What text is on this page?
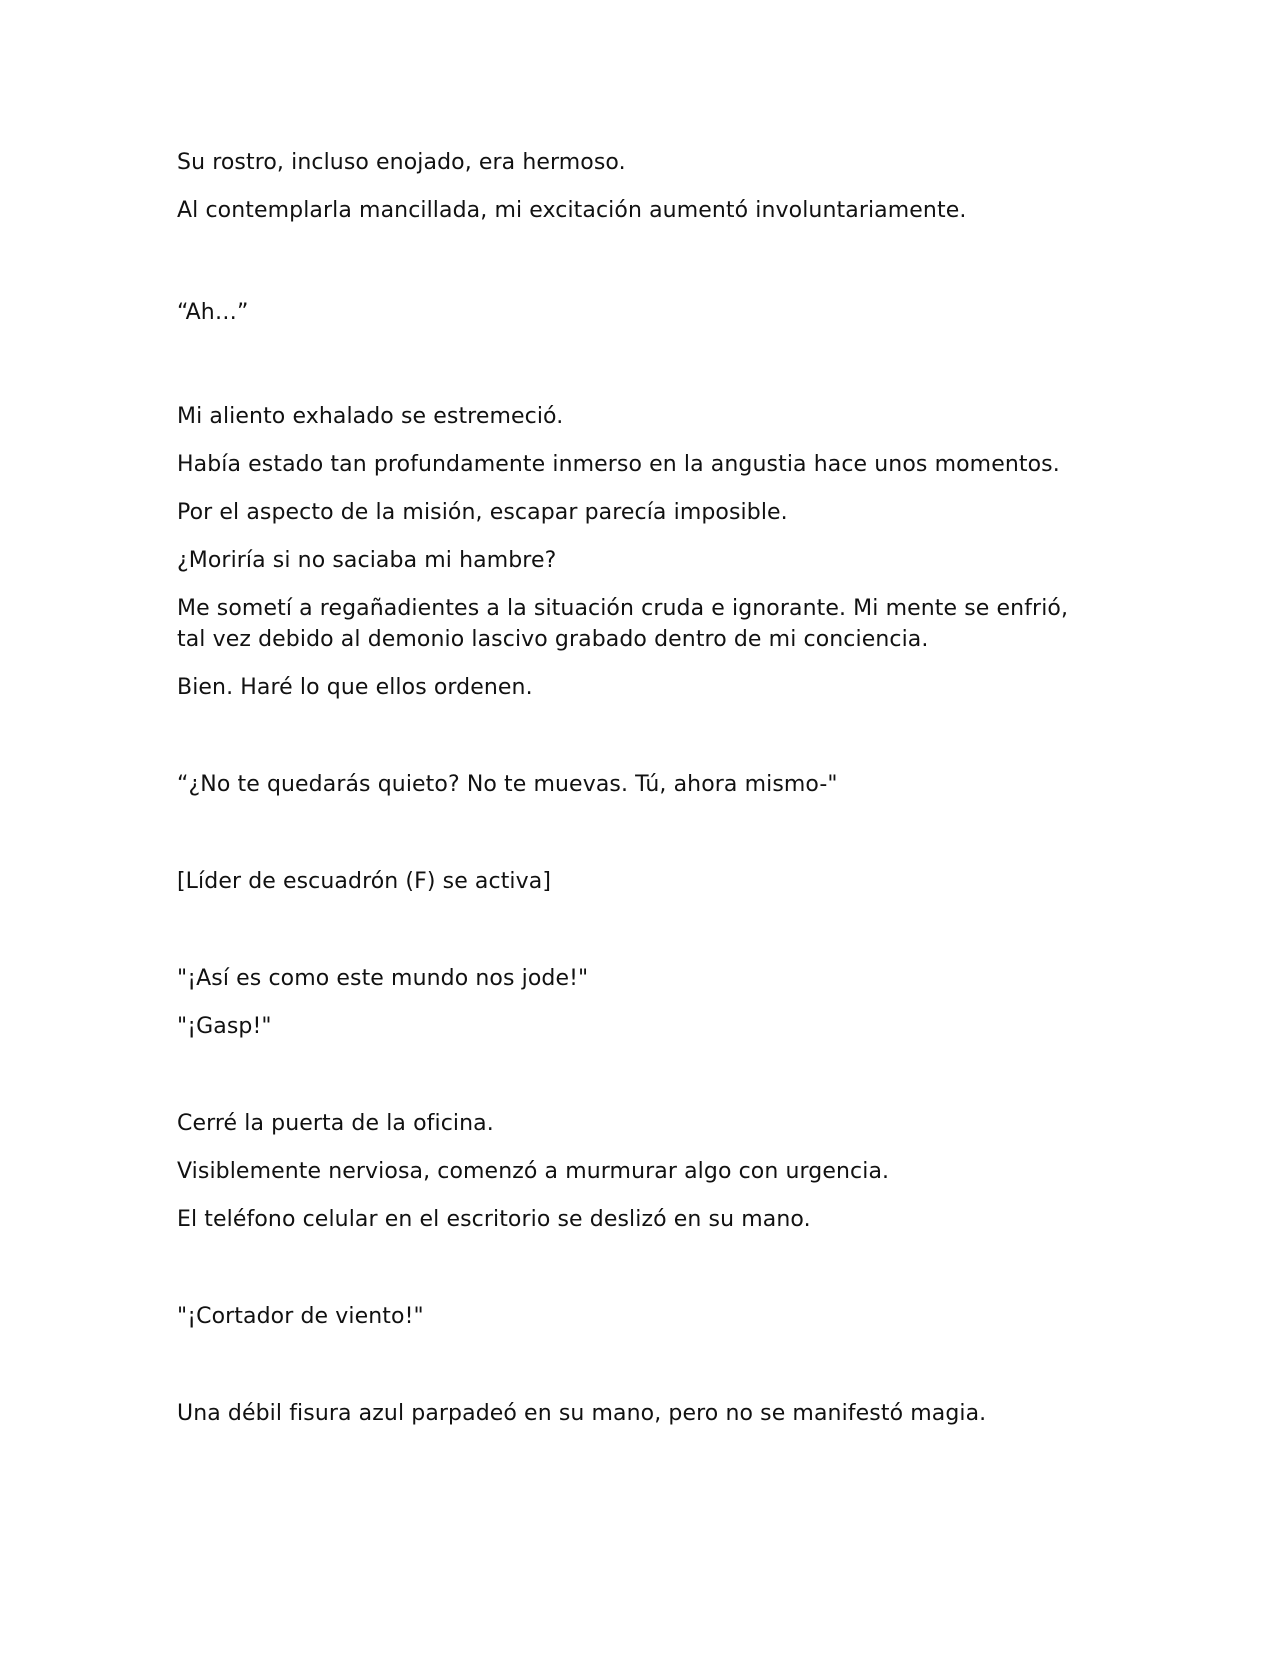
Su rostro, incluso enojado, era hermoso.

Al contemplarla mancillada, mi excitación aumentó involuntariamente.

“Ah…”

Mi aliento exhalado se estremeció.

Había estado tan profundamente inmerso en la angustia hace unos momentos.

Por el aspecto de la misión, escapar parecía imposible.

¿Moriría si no saciaba mi hambre?

Me sometí a regañadientes a la situación cruda e ignorante. Mi mente se enfrió, tal vez debido al demonio lascivo grabado dentro de mi conciencia.

Bien. Haré lo que ellos ordenen.

“¿No te quedarás quieto? No te muevas. Tú, ahora mismo-"

[Líder de escuadrón (F) se activa]

"¡Así es como este mundo nos jode!"

"¡Gasp!"

Cerré la puerta de la oficina.

Visiblemente nerviosa, comenzó a murmurar algo con urgencia.

El teléfono celular en el escritorio se deslizó en su mano.

"¡Cortador de viento!"

Una débil fisura azul parpadeó en su mano, pero no se manifestó magia.
